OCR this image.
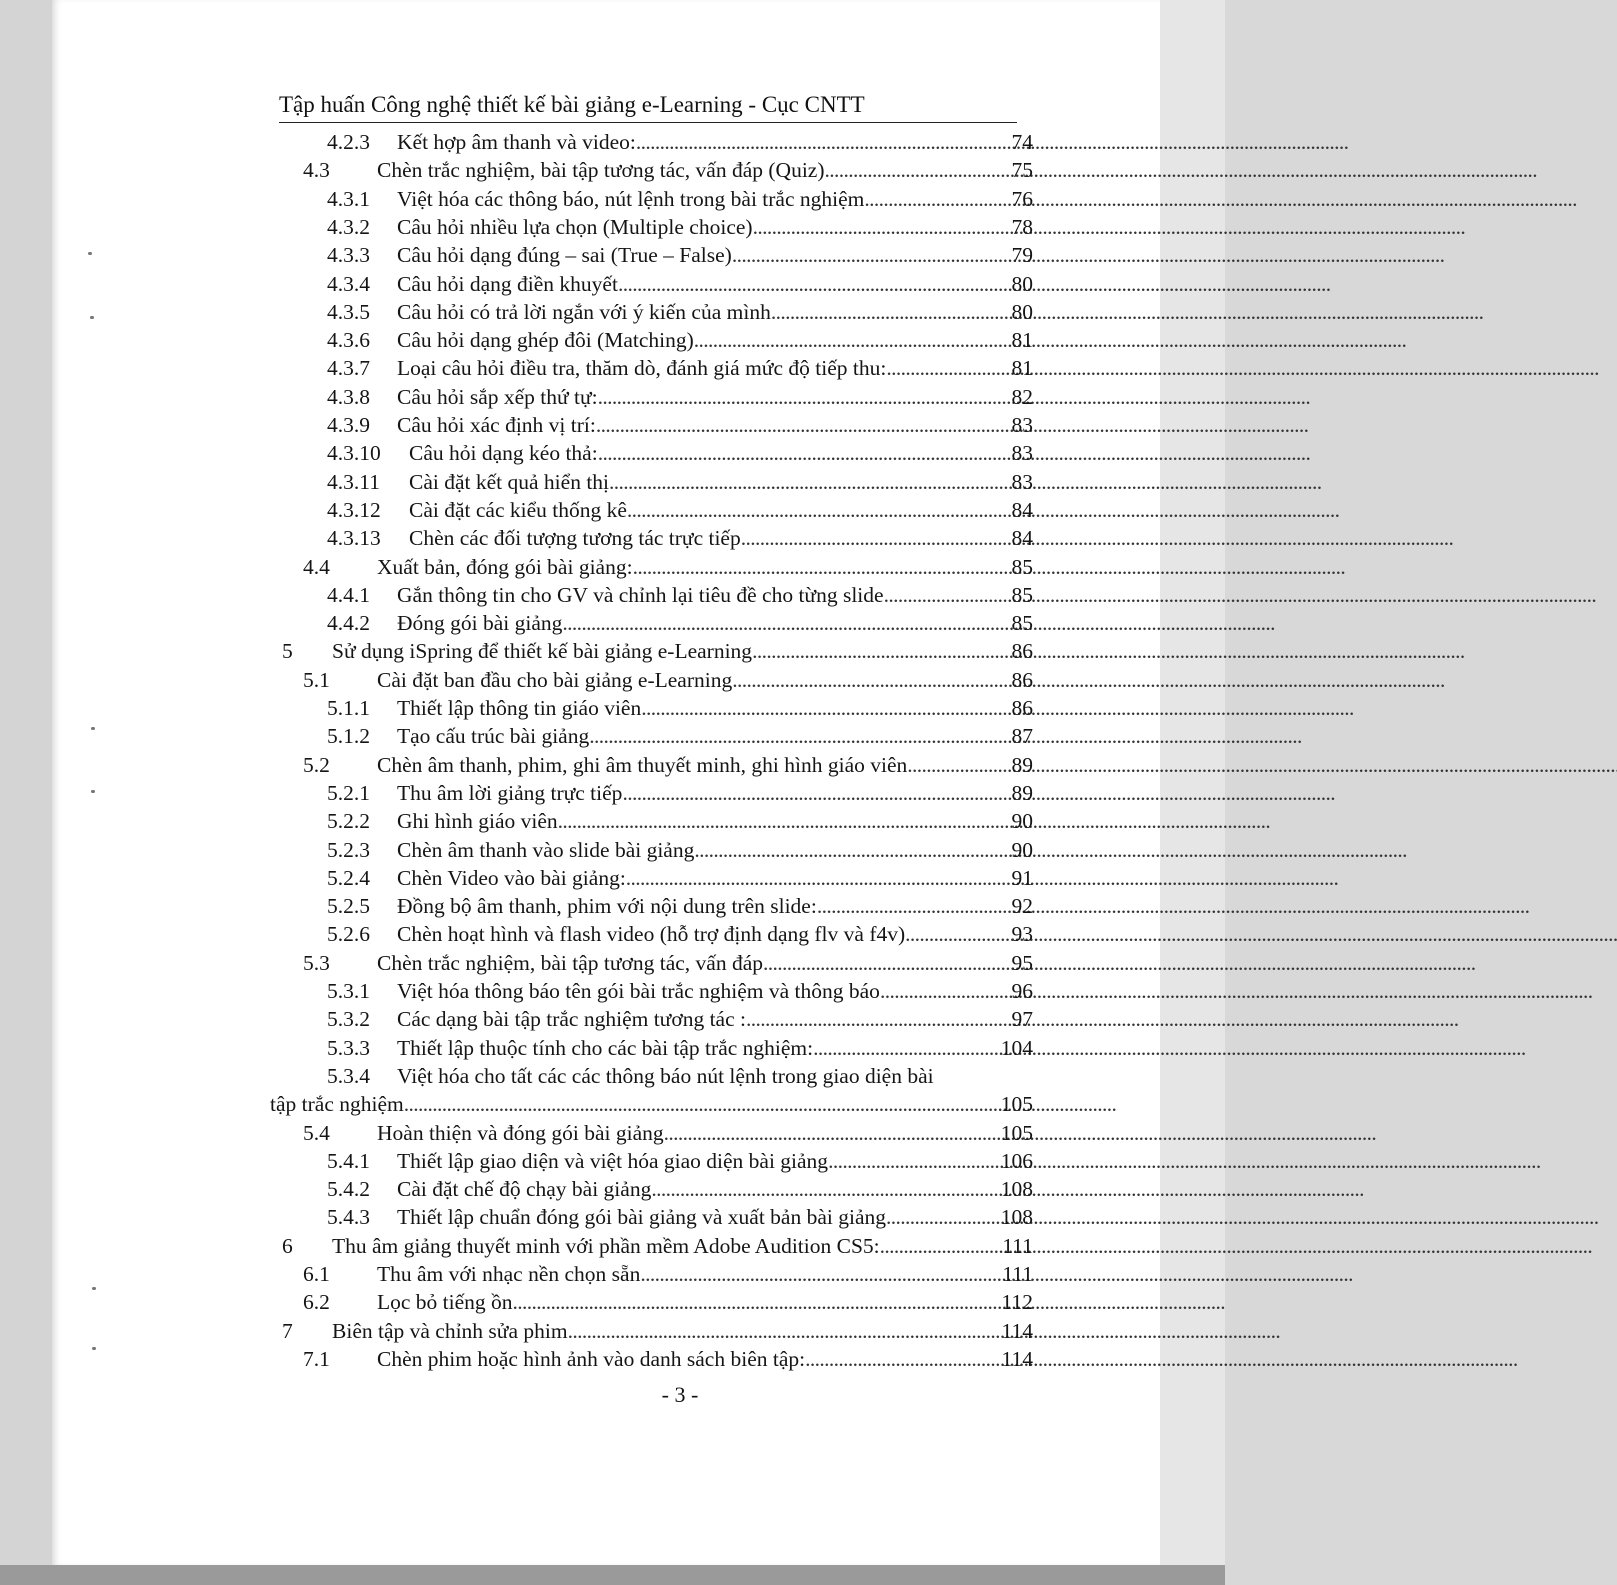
Tập huấn Công nghệ thiết kế bài giảng e-Learning - Cục CNTT
4.2.3	Kết hợp âm thanh và video: . . .	74
4.3	Chèn trắc nghiệm, bài tập tương tác, vấn đáp (Quiz) . . .	75
4.3.1	Việt hóa các thông báo, nút lệnh trong bài trắc nghiệm . . .	76
4.3.2	Câu hỏi nhiều lựa chọn (Multiple choice) . . .	78
4.3.3	Câu hỏi dạng đúng – sai (True – False) . . .	79
4.3.4	Câu hỏi dạng điền khuyết . . .	80
4.3.5	Câu hỏi có trả lời ngắn với ý kiến của mình . . .	80
4.3.6	Câu hỏi dạng ghép đôi (Matching) . . .	81
4.3.7	Loại câu hỏi điều tra, thăm dò, đánh giá mức độ tiếp thu: . . .	81
4.3.8	Câu hỏi sắp xếp thứ tự: . . .	82
4.3.9	Câu hỏi xác định vị trí: . . .	83
4.3.10	Câu hỏi dạng kéo thả: . . .	83
4.3.11	Cài đặt kết quả hiển thị . . .	83
4.3.12	Cài đặt các kiểu thống kê . . .	84
4.3.13	Chèn các đối tượng tương tác trực tiếp . . .	84
4.4	Xuất bản, đóng gói bài giảng: . . .	85
4.4.1	Gắn thông tin cho GV và chỉnh lại tiêu đề cho từng slide . . .	85
4.4.2	Đóng gói bài giảng . . .	85
5	Sử dụng iSpring để thiết kế bài giảng e-Learning . . .	86
5.1	Cài đặt ban đầu cho bài giảng e-Learning . . .	86
5.1.1	Thiết lập thông tin giáo viên . . .	86
5.1.2	Tạo cấu trúc bài giảng . . .	87
5.2	Chèn âm thanh, phim, ghi âm thuyết minh, ghi hình giáo viên . . .	89
5.2.1	Thu âm lời giảng trực tiếp . . .	89
5.2.2	Ghi hình giáo viên . . .	90
5.2.3	Chèn âm thanh vào slide bài giảng . . .	90
5.2.4	Chèn Video vào bài giảng: . . .	91
5.2.5	Đồng bộ âm thanh, phim với nội dung trên slide: . . .	92
5.2.6	Chèn hoạt hình và flash video (hỗ trợ định dạng flv và f4v) . . .	93
5.3	Chèn trắc nghiệm, bài tập tương tác, vấn đáp . . .	95
5.3.1	Việt hóa thông báo tên gói bài trắc nghiệm và thông báo . . .	96
5.3.2	Các dạng bài tập trắc nghiệm tương tác : . . .	97
5.3.3	Thiết lập thuộc tính cho các bài tập trắc nghiệm: . . .	104
5.3.4	Việt hóa cho tất các các thông báo nút lệnh trong giao diện bài
tập trắc nghiệm . . .	105
5.4	Hoàn thiện và đóng gói bài giảng . . .	105
5.4.1	Thiết lập giao diện và việt hóa giao diện bài giảng . . .	106
5.4.2	Cài đặt chế độ chạy bài giảng . . .	108
5.4.3	Thiết lập chuẩn đóng gói bài giảng và xuất bản bài giảng . . .	108
6	Thu âm giảng thuyết minh với phần mềm Adobe Audition CS5: . . .	111
6.1	Thu âm với nhạc nền chọn sẵn . . .	111
6.2	Lọc bỏ tiếng ồn . . .	112
7	Biên tập và chỉnh sửa phim . . .	114
7.1	Chèn phim hoặc hình ảnh vào danh sách biên tập: . . .	114
- 3 -
